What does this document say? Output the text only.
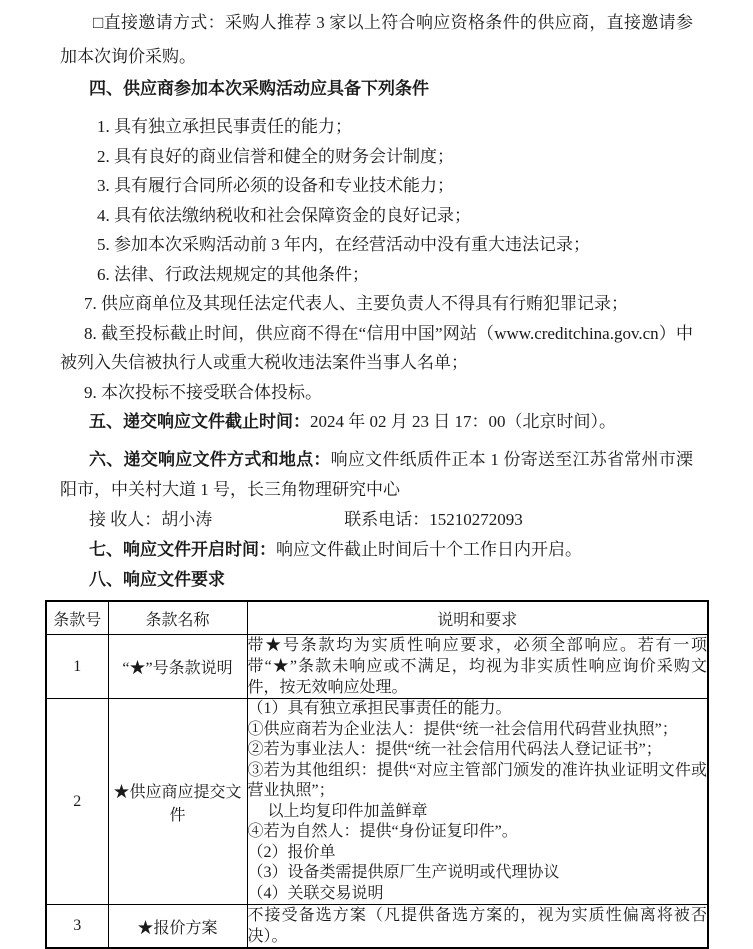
□直接邀请方式：采购人推荐 3 家以上符合响应资格条件的供应商，直接邀请参加本次询价采购。

四、供应商参加本次采购活动应具备下列条件

1. 具有独立承担民事责任的能力；

2. 具有良好的商业信誉和健全的财务会计制度；

3. 具有履行合同所必须的设备和专业技术能力；

4. 具有依法缴纳税收和社会保障资金的良好记录；

5. 参加本次采购活动前 3 年内，在经营活动中没有重大违法记录；

6. 法律、行政法规规定的其他条件；

7. 供应商单位及其现任法定代表人、主要负责人不得具有行贿犯罪记录；

8. 截至投标截止时间，供应商不得在“信用中国”网站（www.creditchina.gov.cn）中被列入失信被执行人或重大税收违法案件当事人名单；

9. 本次投标不接受联合体投标。

五、递交响应文件截止时间：2024 年 02 月 23 日 17：00（北京时间）。

六、递交响应文件方式和地点：响应文件纸质件正本 1 份寄送至江苏省常州市溧阳市，中关村大道 1 号，长三角物理研究中心

接 收人：胡小涛	联系电话：15210272093

七、响应文件开启时间：响应文件截止时间后十个工作日内开启。

八、响应文件要求

条款号	条款名称	说明和要求
1	“★”号条款说明	带★号条款均为实质性响应要求，必须全部响应。若有一项带“★”条款未响应或不满足，均视为非实质性响应询价采购文件，按无效响应处理。

2	★供应商应提交文件	
（1）具有独立承担民事责任的能力。
①供应商若为企业法人：提供“统一社会信用代码营业执照”；
②若为事业法人：提供“统一社会信用代码法人登记证书”；
③若为其他组织：提供“对应主管部门颁发的准许执业证明文件或营业执照”；
　 以上均复印件加盖鲜章
④若为自然人：提供“身份证复印件”。
（2）报价单
（3）设备类需提供原厂生产说明或代理协议
（4）关联交易说明

3	★报价方案	不接受备选方案（凡提供备选方案的，视为实质性偏离将被否决）。
